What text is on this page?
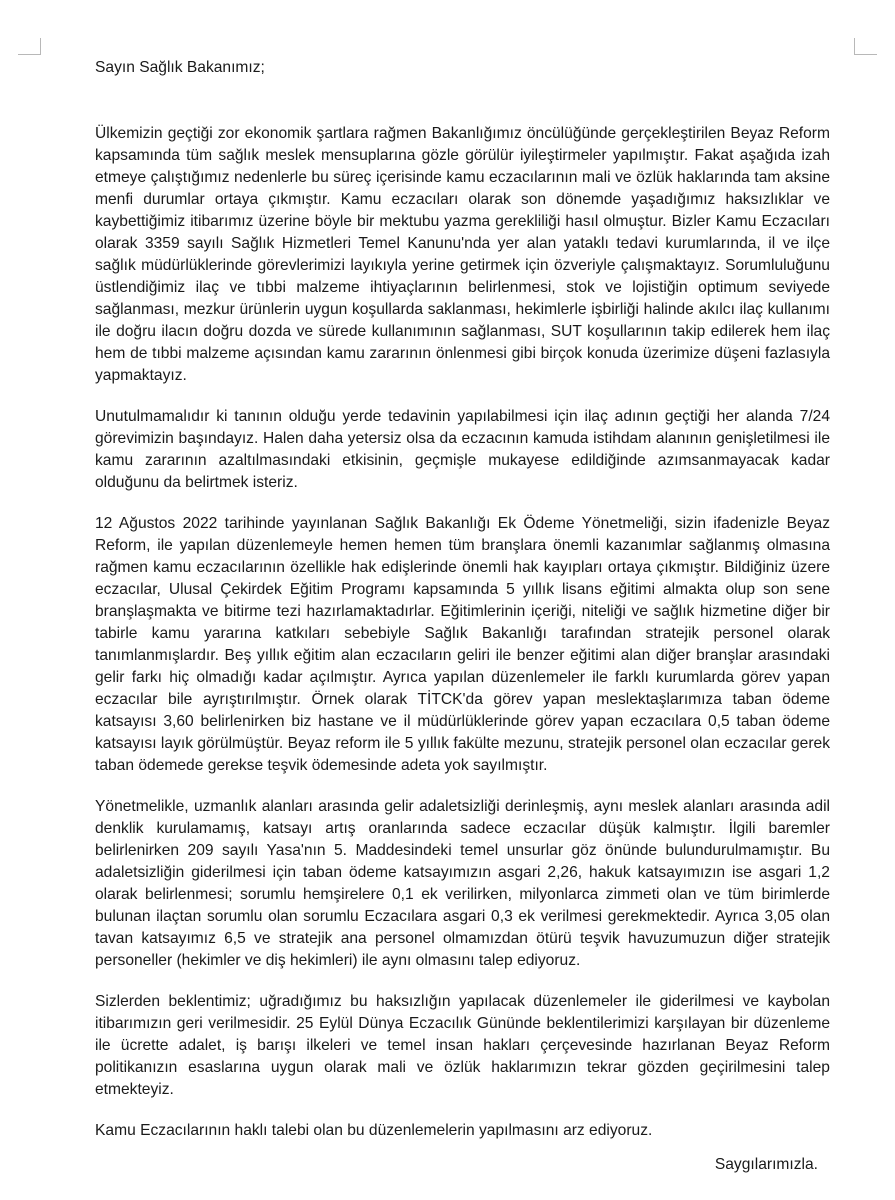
Sayın Sağlık Bakanımız;

Ülkemizin geçtiği zor ekonomik şartlara rağmen Bakanlığımız öncülüğünde gerçekleştirilen Beyaz Reform kapsamında tüm sağlık meslek mensuplarına gözle görülür iyileştirmeler yapılmıştır. Fakat aşağıda izah etmeye çalıştığımız nedenlerle bu süreç içerisinde kamu eczacılarının mali ve özlük haklarında tam aksine menfi durumlar ortaya çıkmıştır. Kamu eczacıları olarak son dönemde yaşadığımız haksızlıklar ve kaybettiğimiz itibarımız üzerine böyle bir mektubu yazma gerekliliği hasıl olmuştur. Bizler Kamu Eczacıları olarak 3359 sayılı Sağlık Hizmetleri Temel Kanunu'nda yer alan yataklı tedavi kurumlarında, il ve ilçe sağlık müdürlüklerinde görevlerimizi layıkıyla yerine getirmek için özveriyle çalışmaktayız. Sorumluluğunu üstlendiğimiz ilaç ve tıbbi malzeme ihtiyaçlarının belirlenmesi, stok ve lojistiğin optimum seviyede sağlanması, mezkur ürünlerin uygun koşullarda saklanması, hekimlerle işbirliği halinde akılcı ilaç kullanımı ile doğru ilacın doğru dozda ve sürede kullanımının sağlanması, SUT koşullarının takip edilerek hem ilaç hem de tıbbi malzeme açısından kamu zararının önlenmesi gibi birçok konuda üzerimize düşeni fazlasıyla yapmaktayız.

Unutulmamalıdır ki tanının olduğu yerde tedavinin yapılabilmesi için ilaç adının geçtiği her alanda 7/24 görevimizin başındayız. Halen daha yetersiz olsa da eczacının kamuda istihdam alanının genişletilmesi ile kamu zararının azaltılmasındaki etkisinin, geçmişle mukayese edildiğinde azımsanmayacak kadar olduğunu da belirtmek isteriz.

12 Ağustos 2022 tarihinde yayınlanan Sağlık Bakanlığı Ek Ödeme Yönetmeliği, sizin ifadenizle Beyaz Reform, ile yapılan düzenlemeyle hemen hemen tüm branşlara önemli kazanımlar sağlanmış olmasına rağmen kamu eczacılarının özellikle hak edişlerinde önemli hak kayıpları ortaya çıkmıştır. Bildiğiniz üzere eczacılar, Ulusal Çekirdek Eğitim Programı kapsamında 5 yıllık lisans eğitimi almakta olup son sene branşlaşmakta ve bitirme tezi hazırlamaktadırlar. Eğitimlerinin içeriği, niteliği ve sağlık hizmetine diğer bir tabirle kamu yararına katkıları sebebiyle Sağlık Bakanlığı tarafından stratejik personel olarak tanımlanmışlardır. Beş yıllık eğitim alan eczacıların geliri ile benzer eğitimi alan diğer branşlar arasındaki gelir farkı hiç olmadığı kadar açılmıştır. Ayrıca yapılan düzenlemeler ile farklı kurumlarda görev yapan eczacılar bile ayrıştırılmıştır. Örnek olarak TİTCK'da görev yapan meslektaşlarımıza taban ödeme katsayısı 3,60 belirlenirken biz hastane ve il müdürlüklerinde görev yapan eczacılara 0,5 taban ödeme katsayısı layık görülmüştür. Beyaz reform ile 5 yıllık fakülte mezunu, stratejik personel olan eczacılar gerek taban ödemede gerekse teşvik ödemesinde adeta yok sayılmıştır.

Yönetmelikle, uzmanlık alanları arasında gelir adaletsizliği derinleşmiş, aynı meslek alanları arasında adil denklik kurulamamış, katsayı artış oranlarında sadece eczacılar düşük kalmıştır. İlgili baremler belirlenirken 209 sayılı Yasa'nın 5. Maddesindeki temel unsurlar göz önünde bulundurulmamıştır. Bu adaletsizliğin giderilmesi için taban ödeme katsayımızın asgari 2,26, hakuk katsayımızın ise asgari 1,2 olarak belirlenmesi; sorumlu hemşirelere 0,1 ek verilirken, milyonlarca zimmeti olan ve tüm birimlerde bulunan ilaçtan sorumlu olan sorumlu Eczacılara asgari 0,3 ek verilmesi gerekmektedir. Ayrıca 3,05 olan tavan katsayımız 6,5 ve stratejik ana personel olmamızdan ötürü teşvik havuzumuzun diğer stratejik personeller (hekimler ve diş hekimleri) ile aynı olmasını talep ediyoruz.

Sizlerden beklentimiz; uğradığımız bu haksızlığın yapılacak düzenlemeler ile giderilmesi ve kaybolan itibarımızın geri verilmesidir. 25 Eylül Dünya Eczacılık Gününde beklentilerimizi karşılayan bir düzenleme ile ücrette adalet, iş barışı ilkeleri ve temel insan hakları çerçevesinde hazırlanan Beyaz Reform politikanızın esaslarına uygun olarak mali ve özlük haklarımızın tekrar gözden geçirilmesini talep etmekteyiz.

Kamu Eczacılarının haklı talebi olan bu düzenlemelerin yapılmasını arz ediyoruz.

Saygılarımızla.
